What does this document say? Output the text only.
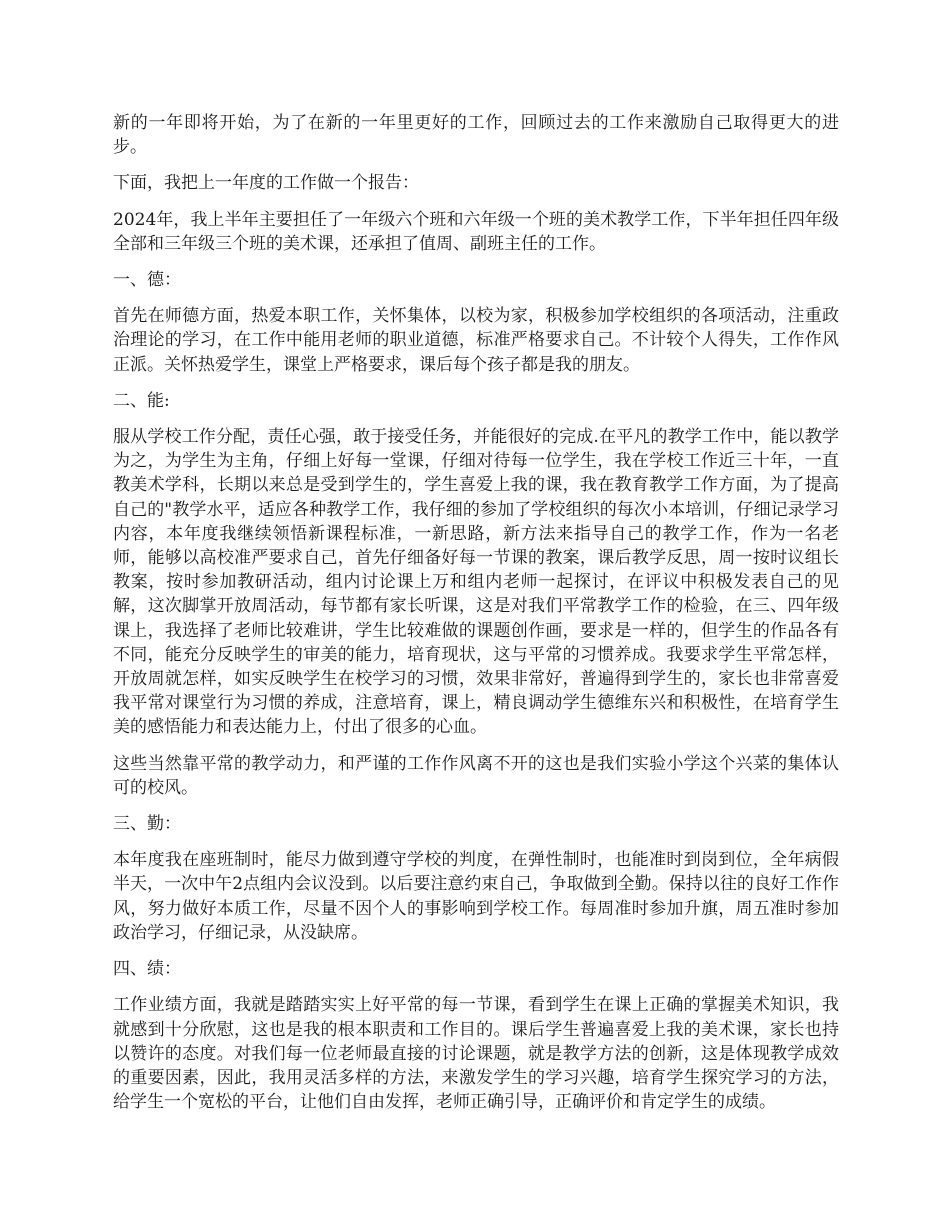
新的一年即将开始，为了在新的一年里更好的工作，回顾过去的工作来激励自己取得更大的进步。

下面，我把上一年度的工作做一个报告：

2024年，我上半年主要担任了一年级六个班和六年级一个班的美术教学工作，下半年担任四年级全部和三年级三个班的美术课，还承担了值周、副班主任的工作。

一、德：

首先在师德方面，热爱本职工作，关怀集体，以校为家，积极参加学校组织的各项活动，注重政治理论的学习，在工作中能用老师的职业道德，标准严格要求自己。不计较个人得失，工作作风正派。关怀热爱学生，课堂上严格要求，课后每个孩子都是我的朋友。

二、能:

服从学校工作分配，责任心强，敢于接受任务，并能很好的完成.在平凡的教学工作中，能以教学为之，为学生为主角，仔细上好每一堂课，仔细对待每一位学生，我在学校工作近三十年，一直教美术学科，长期以来总是受到学生的，学生喜爱上我的课，我在教育教学工作方面，为了提高自己的"教学水平，适应各种教学工作，我仔细的参加了学校组织的每次小本培训，仔细记录学习内容，本年度我继续领悟新课程标准，一新思路，新方法来指导自己的教学工作，作为一名老师，能够以高校准严要求自己，首先仔细备好每一节课的教案，课后教学反思，周一按时议组长教案，按时参加教研活动，组内讨论课上万和组内老师一起探讨，在评议中积极发表自己的见解，这次脚掌开放周活动，每节都有家长听课，这是对我们平常教学工作的检验，在三、四年级课上，我选择了老师比较难讲，学生比较难做的课题创作画，要求是一样的，但学生的作品各有不同，能充分反映学生的审美的能力，培育现状，这与平常的习惯养成。我要求学生平常怎样，开放周就怎样，如实反映学生在校学习的习惯，效果非常好，普遍得到学生的，家长也非常喜爱我平常对课堂行为习惯的养成，注意培育，课上，精良调动学生德维东兴和积极性，在培育学生美的感悟能力和表达能力上，付出了很多的心血。

这些当然靠平常的教学动力，和严谨的工作作风离不开的这也是我们实验小学这个兴菜的集体认可的校风。

三、勤：

本年度我在座班制时，能尽力做到遵守学校的判度，在弹性制时，也能准时到岗到位，全年病假半天，一次中午2点组内会议没到。以后要注意约束自己，争取做到全勤。保持以往的良好工作作风，努力做好本质工作，尽量不因个人的事影响到学校工作。每周准时参加升旗，周五准时参加政治学习，仔细记录，从没缺席。

四、绩：

工作业绩方面，我就是踏踏实实上好平常的每一节课，看到学生在课上正确的掌握美术知识，我就感到十分欣慰，这也是我的根本职责和工作目的。课后学生普遍喜爱上我的美术课，家长也持以赞许的态度。对我们每一位老师最直接的讨论课题，就是教学方法的创新，这是体现教学成效的重要因素，因此，我用灵活多样的方法，来激发学生的学习兴趣，培育学生探究学习的方法，给学生一个宽松的平台，让他们自由发挥，老师正确引导，正确评价和肯定学生的成绩。
